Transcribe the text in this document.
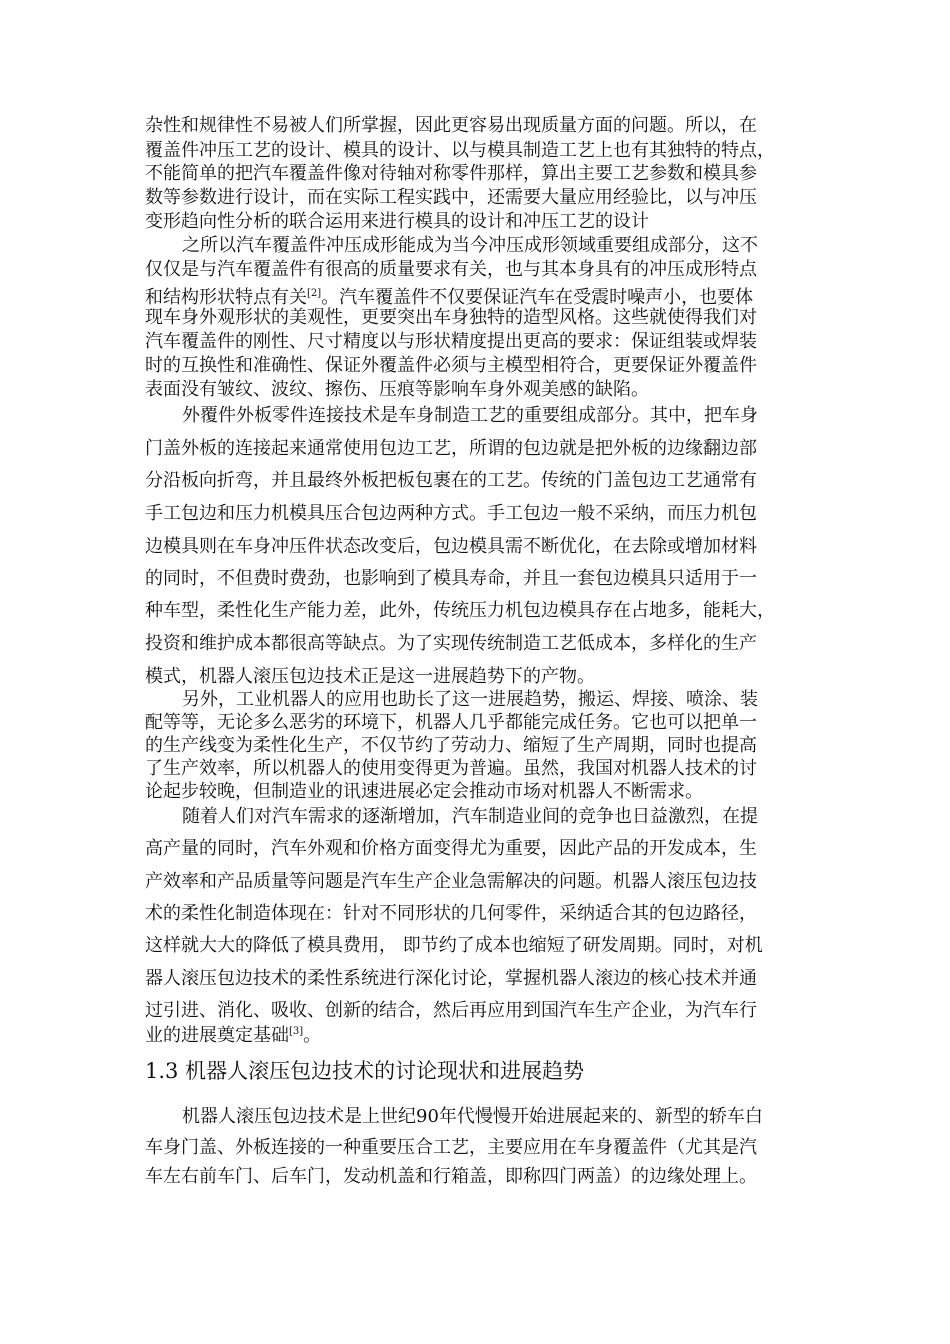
杂性和规律性不易被人们所掌握，因此更容易出现质量方面的问题。所以，在
覆盖件冲压工艺的设计、模具的设计、以与模具制造工艺上也有其独特的特点，
不能简单的把汽车覆盖件像对待轴对称零件那样，算出主要工艺参数和模具参
数等参数进行设计，而在实际工程实践中，还需要大量应用经验比，以与冲压
变形趋向性分析的联合运用来进行模具的设计和冲压工艺的设计
之所以汽车覆盖件冲压成形能成为当今冲压成形领域重要组成部分，这不
仅仅是与汽车覆盖件有很高的质量要求有关，也与其本身具有的冲压成形特点
和结构形状特点有关[2]。汽车覆盖件不仅要保证汽车在受震时噪声小，也要体
现车身外观形状的美观性，更要突出车身独特的造型风格。这些就使得我们对
汽车覆盖件的刚性、尺寸精度以与形状精度提出更高的要求：保证组装或焊装
时的互换性和准确性、保证外覆盖件必须与主模型相符合，更要保证外覆盖件
表面没有皱纹、波纹、擦伤、压痕等影响车身外观美感的缺陷。
外覆件外板零件连接技术是车身制造工艺的重要组成部分。其中，把车身
门盖外板的连接起来通常使用包边工艺，所谓的包边就是把外板的边缘翻边部
分沿板向折弯，并且最终外板把板包裹在的工艺。传统的门盖包边工艺通常有
手工包边和压力机模具压合包边两种方式。手工包边一般不采纳，而压力机包
边模具则在车身冲压件状态改变后，包边模具需不断优化，在去除或增加材料
的同时，不但费时费劲，也影响到了模具寿命，并且一套包边模具只适用于一
种车型，柔性化生产能力差，此外，传统压力机包边模具存在占地多，能耗大，
投资和维护成本都很高等缺点。为了实现传统制造工艺低成本，多样化的生产
模式，机器人滚压包边技术正是这一进展趋势下的产物。
另外，工业机器人的应用也助长了这一进展趋势，搬运、焊接、喷涂、装
配等等，无论多么恶劣的环境下，机器人几乎都能完成任务。它也可以把单一
的生产线变为柔性化生产，不仅节约了劳动力、缩短了生产周期，同时也提高
了生产效率，所以机器人的使用变得更为普遍。虽然，我国对机器人技术的讨
论起步较晚，但制造业的讯速进展必定会推动市场对机器人不断需求。
随着人们对汽车需求的逐渐增加，汽车制造业间的竞争也日益激烈，在提
高产量的同时，汽车外观和价格方面变得尤为重要，因此产品的开发成本，生
产效率和产品质量等问题是汽车生产企业急需解决的问题。机器人滚压包边技
术的柔性化制造体现在：针对不同形状的几何零件，采纳适合其的包边路径，
这样就大大的降低了模具费用， 即节约了成本也缩短了研发周期。同时，对机
器人滚压包边技术的柔性系统进行深化讨论，掌握机器人滚边的核心技术并通
过引进、消化、吸收、创新的结合，然后再应用到国汽车生产企业，为汽车行
业的进展奠定基础[3]。
1.3 机器人滚压包边技术的讨论现状和进展趋势
机器人滚压包边技术是上世纪90年代慢慢开始进展起来的、新型的轿车白
车身门盖、外板连接的一种重要压合工艺，主要应用在车身覆盖件（尤其是汽
车左右前车门、后车门，发动机盖和行箱盖，即称四门两盖）的边缘处理上。
